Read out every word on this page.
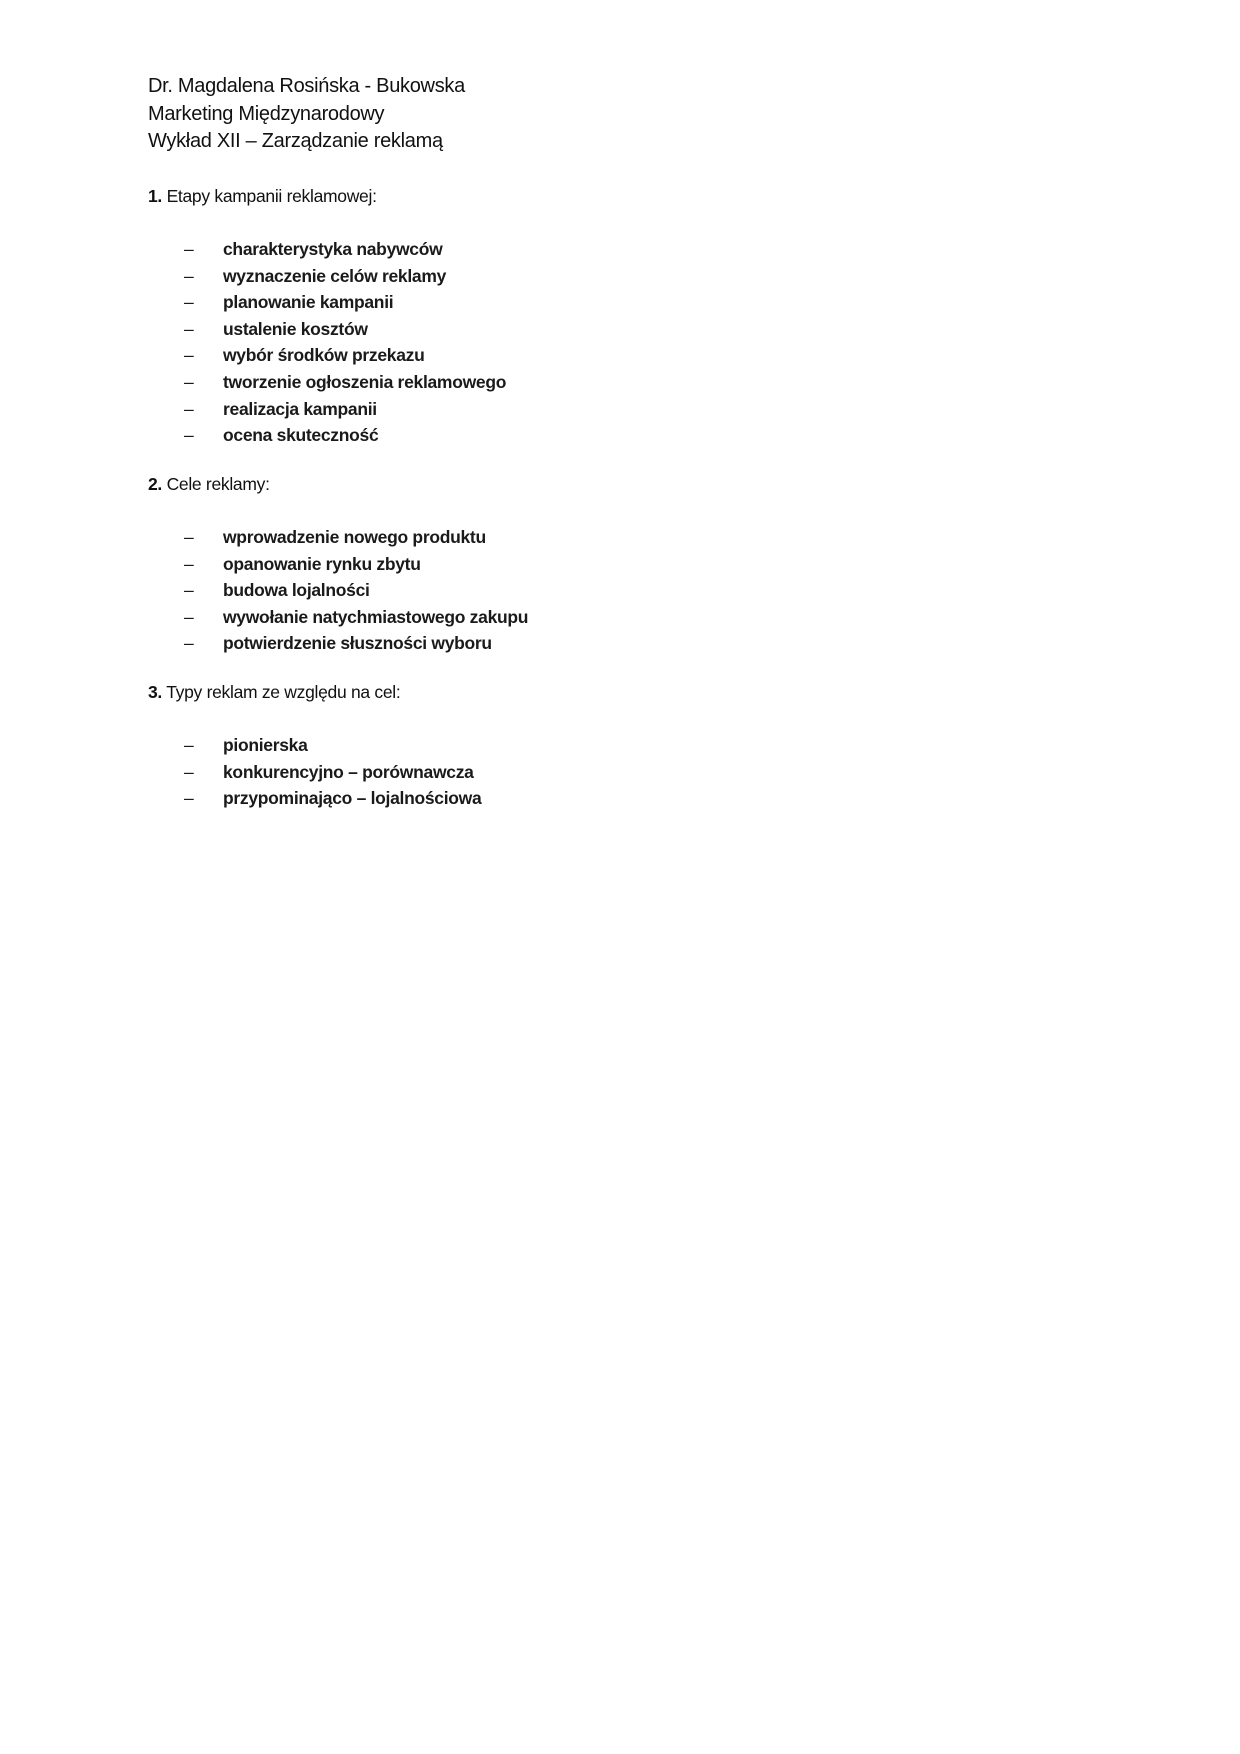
Dr. Magdalena Rosińska - Bukowska
Marketing Międzynarodowy
Wykład XII – Zarządzanie reklamą
1. Etapy kampanii reklamowej:
– charakterystyka nabywców
– wyznaczenie celów reklamy
– planowanie kampanii
– ustalenie kosztów
– wybór środków przekazu
– tworzenie ogłoszenia reklamowego
– realizacja kampanii
– ocena skuteczność
2. Cele reklamy:
– wprowadzenie nowego produktu
– opanowanie rynku zbytu
– budowa lojalności
– wywołanie natychmiastowego zakupu
– potwierdzenie słuszności wyboru
3. Typy reklam ze względu na cel:
– pionierska
– konkurencyjno – porównawcza
– przypominająco – lojalnościowa
